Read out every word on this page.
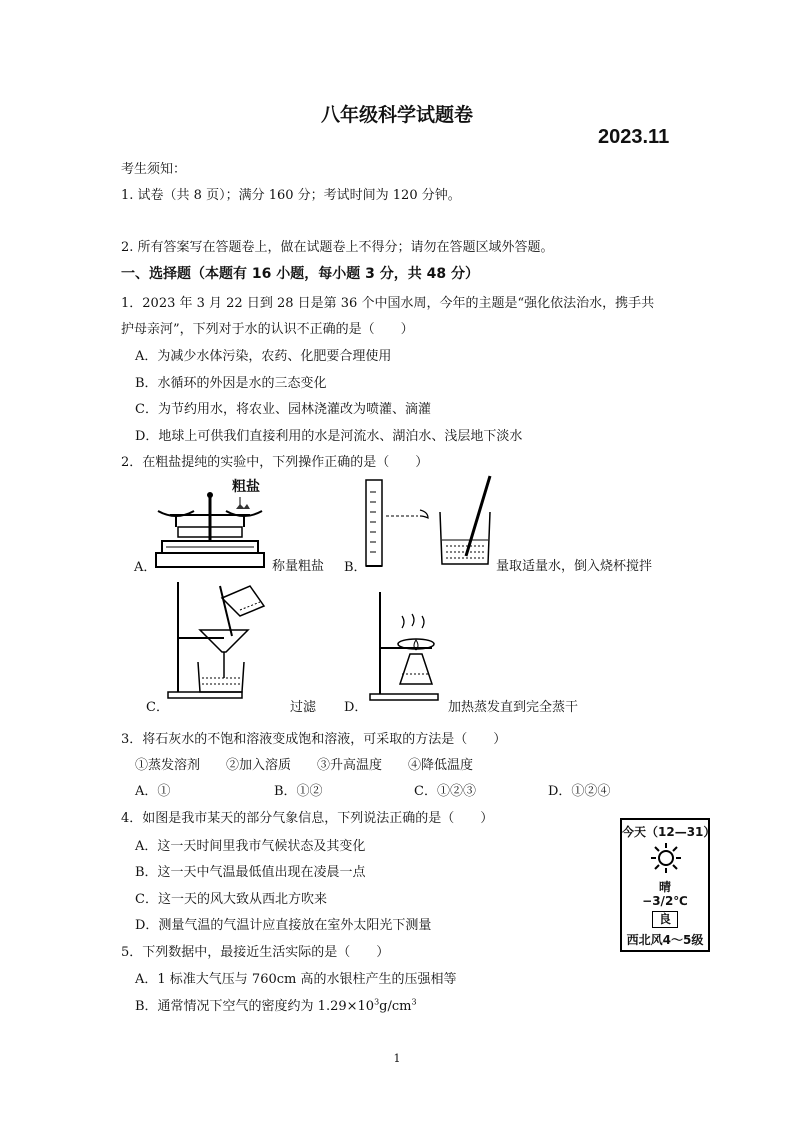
八年级科学试题卷
2023.11
考生须知：
1. 试卷（共 8 页）；满分 160 分；考试时间为 120 分钟。
2. 所有答案写在答题卷上，做在试题卷上不得分；请勿在答题区域外答题。
一、选择题（本题有 16 小题，每小题 3 分，共 48 分）
1．2023 年 3 月 22 日到 28 日是第 36 个中国水周，今年的主题是“强化依法治水，携手共
护母亲河”，下列对于水的认识不正确的是（　　）
A．为减少水体污染，农药、化肥要合理使用
B．水循环的外因是水的三态变化
C．为节约用水，将农业、园林浇灌改为喷灌、滴灌
D．地球上可供我们直接利用的水是河流水、湖泊水、浅层地下淡水
2．在粗盐提纯的实验中，下列操作正确的是（　　）
粗盐
A．	称量粗盐 B．	量取适量水，倒入烧杯搅拌
C．	过滤 D．	加热蒸发直到完全蒸干
3．将石灰水的不饱和溶液变成饱和溶液，可采取的方法是（　　）
①蒸发溶剂　　②加入溶质　　③升高温度　　④降低温度
A．①	B．①②	C．①②③	D．①②④
4．如图是我市某天的部分气象信息，下列说法正确的是（　　）
A．这一天时间里我市气候状态及其变化
B．这一天中气温最低值出现在凌晨一点
C．这一天的风大致从西北方吹来
D．测量气温的气温计应直接放在室外太阳光下测量
今天（12—31）
晴
−3/2℃
良
西北风4～5级
5．下列数据中，最接近生活实际的是（　　）
A．1 标准大气压与 760cm 高的水银柱产生的压强相等
B．通常情况下空气的密度约为 $1.29\times 10^3g/cm^3$
1
